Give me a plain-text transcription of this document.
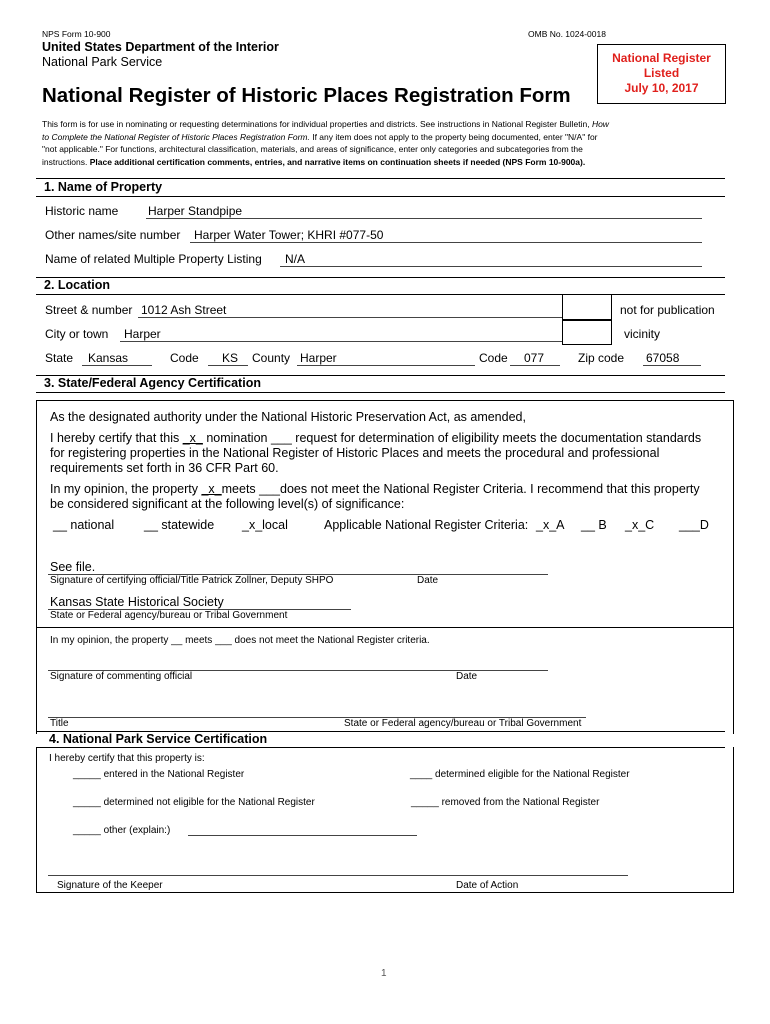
NPS Form 10-900	OMB No. 1024-0018
United States Department of the Interior
National Park Service
National Register of Historic Places Registration Form
National Register
Listed
July 10, 2017
This form is for use in nominating or requesting determinations for individual properties and districts. See instructions in National Register Bulletin, How
to Complete the National Register of Historic Places Registration Form. If any item does not apply to the property being documented, enter "N/A" for
"not applicable." For functions, architectural classification, materials, and areas of significance, enter only categories and subcategories from the
instructions. Place additional certification comments, entries, and narrative items on continuation sheets if needed (NPS Form 10-900a).
1. Name of Property
Historic name Harper Standpipe
Other names/site number Harper Water Tower; KHRI #077-50
Name of related Multiple Property Listing N/A
2. Location
Street & number 1012 Ash Street	not for publication
City or town Harper	vicinity
State Kansas	Code KS County Harper	Code 077	Zip code 67058
3. State/Federal Agency Certification
As the designated authority under the National Historic Preservation Act, as amended,
I hereby certify that this _x_ nomination ___ request for determination of eligibility meets the documentation standards
for registering properties in the National Register of Historic Places and meets the procedural and professional
requirements set forth in 36 CFR Part 60.
In my opinion, the property _x_meets ___does not meet the National Register Criteria. I recommend that this property
be considered significant at the following level(s) of significance:
__ national __ statewide _x_local	Applicable National Register Criteria: _x_A __ B _x_C ___D
See file.
Signature of certifying official/Title Patrick Zollner, Deputy SHPO	Date
Kansas State Historical Society
State or Federal agency/bureau or Tribal Government
In my opinion, the property __ meets ___ does not meet the National Register criteria.
Signature of commenting official	Date
Title	State or Federal agency/bureau or Tribal Government
4. National Park Service Certification
I hereby certify that this property is:
_____ entered in the National Register	____ determined eligible for the National Register
_____ determined not eligible for the National Register	_____ removed from the National Register
_____ other (explain:)
Signature of the Keeper	Date of Action
1
